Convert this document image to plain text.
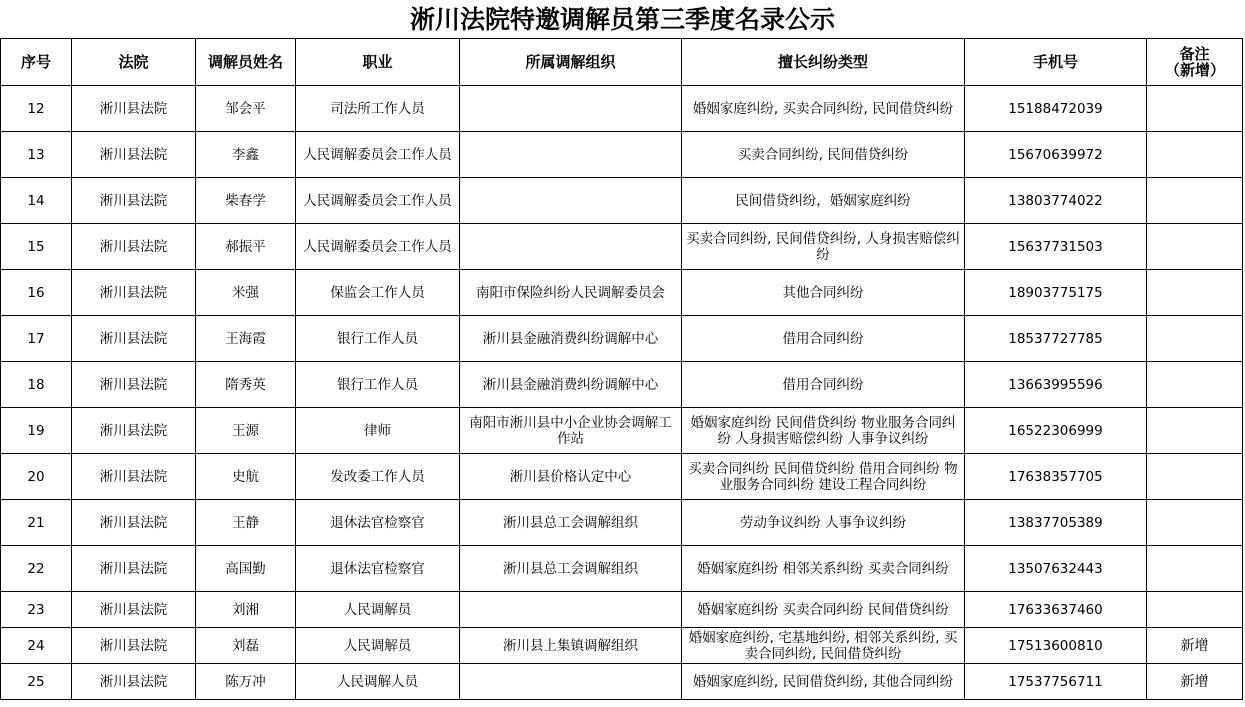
淅川法院特邀调解员第三季度名录公示
序号	法院	调解员姓名	职业	所属调解组织	擅长纠纷类型	手机号	备注（新增）
12	淅川县法院	邹会平	司法所工作人员		婚姻家庭纠纷, 买卖合同纠纷, 民间借贷纠纷	15188472039	
13	淅川县法院	李鑫	人民调解委员会工作人员		买卖合同纠纷, 民间借贷纠纷	15670639972	
14	淅川县法院	柴春学	人民调解委员会工作人员		民间借贷纠纷，婚姻家庭纠纷	13803774022	
15	淅川县法院	郝振平	人民调解委员会工作人员		买卖合同纠纷, 民间借贷纠纷, 人身损害赔偿纠纷	15637731503	
16	淅川县法院	米强	保监会工作人员	南阳市保险纠纷人民调解委员会	其他合同纠纷	18903775175	
17	淅川县法院	王海霞	银行工作人员	淅川县金融消费纠纷调解中心	借用合同纠纷	18537727785	
18	淅川县法院	隋秀英	银行工作人员	淅川县金融消费纠纷调解中心	借用合同纠纷	13663995596	
19	淅川县法院	王源	律师	南阳市淅川县中小企业协会调解工作站	婚姻家庭纠纷 民间借贷纠纷 物业服务合同纠纷 人身损害赔偿纠纷 人事争议纠纷	16522306999	
20	淅川县法院	史航	发改委工作人员	淅川县价格认定中心	买卖合同纠纷 民间借贷纠纷 借用合同纠纷 物业服务合同纠纷 建设工程合同纠纷	17638357705	
21	淅川县法院	王静	退休法官检察官	淅川县总工会调解组织	劳动争议纠纷 人事争议纠纷	13837705389	
22	淅川县法院	高国勤	退休法官检察官	淅川县总工会调解组织	婚姻家庭纠纷 相邻关系纠纷 买卖合同纠纷	13507632443	
23	淅川县法院	刘湘	人民调解员		婚姻家庭纠纷 买卖合同纠纷 民间借贷纠纷	17633637460	
24	淅川县法院	刘磊	人民调解员	淅川县上集镇调解组织	婚姻家庭纠纷, 宅基地纠纷, 相邻关系纠纷, 买卖合同纠纷, 民间借贷纠纷	17513600810	新增
25	淅川县法院	陈万冲	人民调解人员		婚姻家庭纠纷, 民间借贷纠纷, 其他合同纠纷	17537756711	新增
